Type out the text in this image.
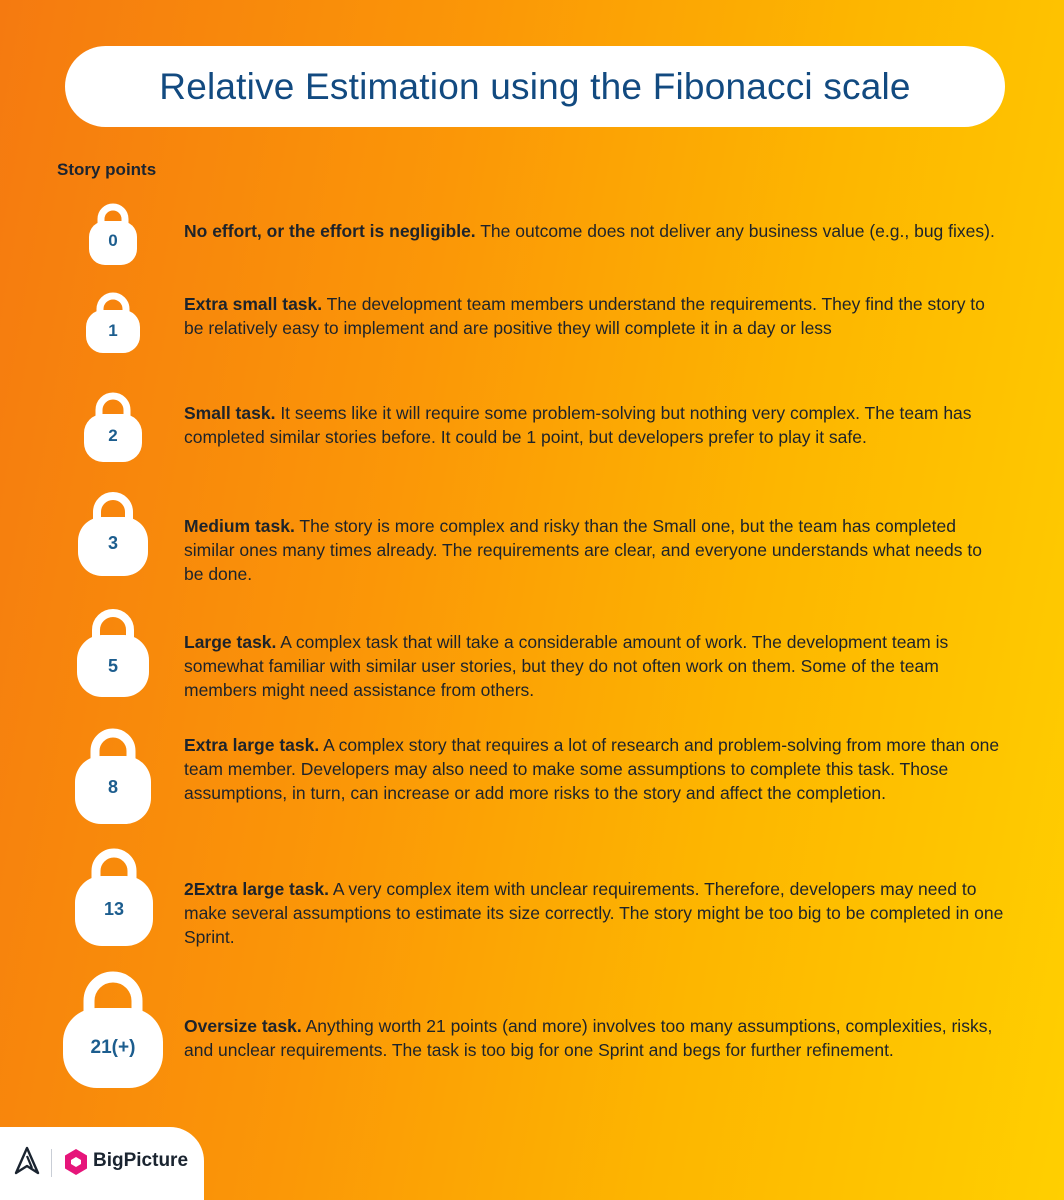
Relative Estimation using the Fibonacci scale
Story points
0	No effort, or the effort is negligible. The outcome does not deliver any business value (e.g., bug fixes).

1

Extra small task. The development team members understand the requirements. They find the story to be relatively easy to implement and are positive they will complete it in a day or less

2

Small task. It seems like it will require some problem-solving but nothing very complex. The team has completed similar stories before. It could be 1 point, but developers prefer to play it safe.

3

Medium task. The story is more complex and risky than the Small one, but the team has completed similar ones many times already. The requirements are clear, and everyone understands what needs to be done.

5

Large task. A complex task that will take a considerable amount of work. The development team is somewhat familiar with similar user stories, but they do not often work on them. Some of the team members might need assistance from others.

8

Extra large task. A complex story that requires a lot of research and problem-solving from more than one team member. Developers may also need to make some assumptions to complete this task. Those assumptions, in turn, can increase or add more risks to the story and affect the completion.

13

2Extra large task. A very complex item with unclear requirements. Therefore, developers may need to make several assumptions to estimate its size correctly. The story might be too big to be completed in one Sprint.

21(+)

Oversize task. Anything worth 21 points (and more) involves too many assumptions, complexities, risks, and unclear requirements. The task is too big for one Sprint and begs for further refinement.

BigPicture
